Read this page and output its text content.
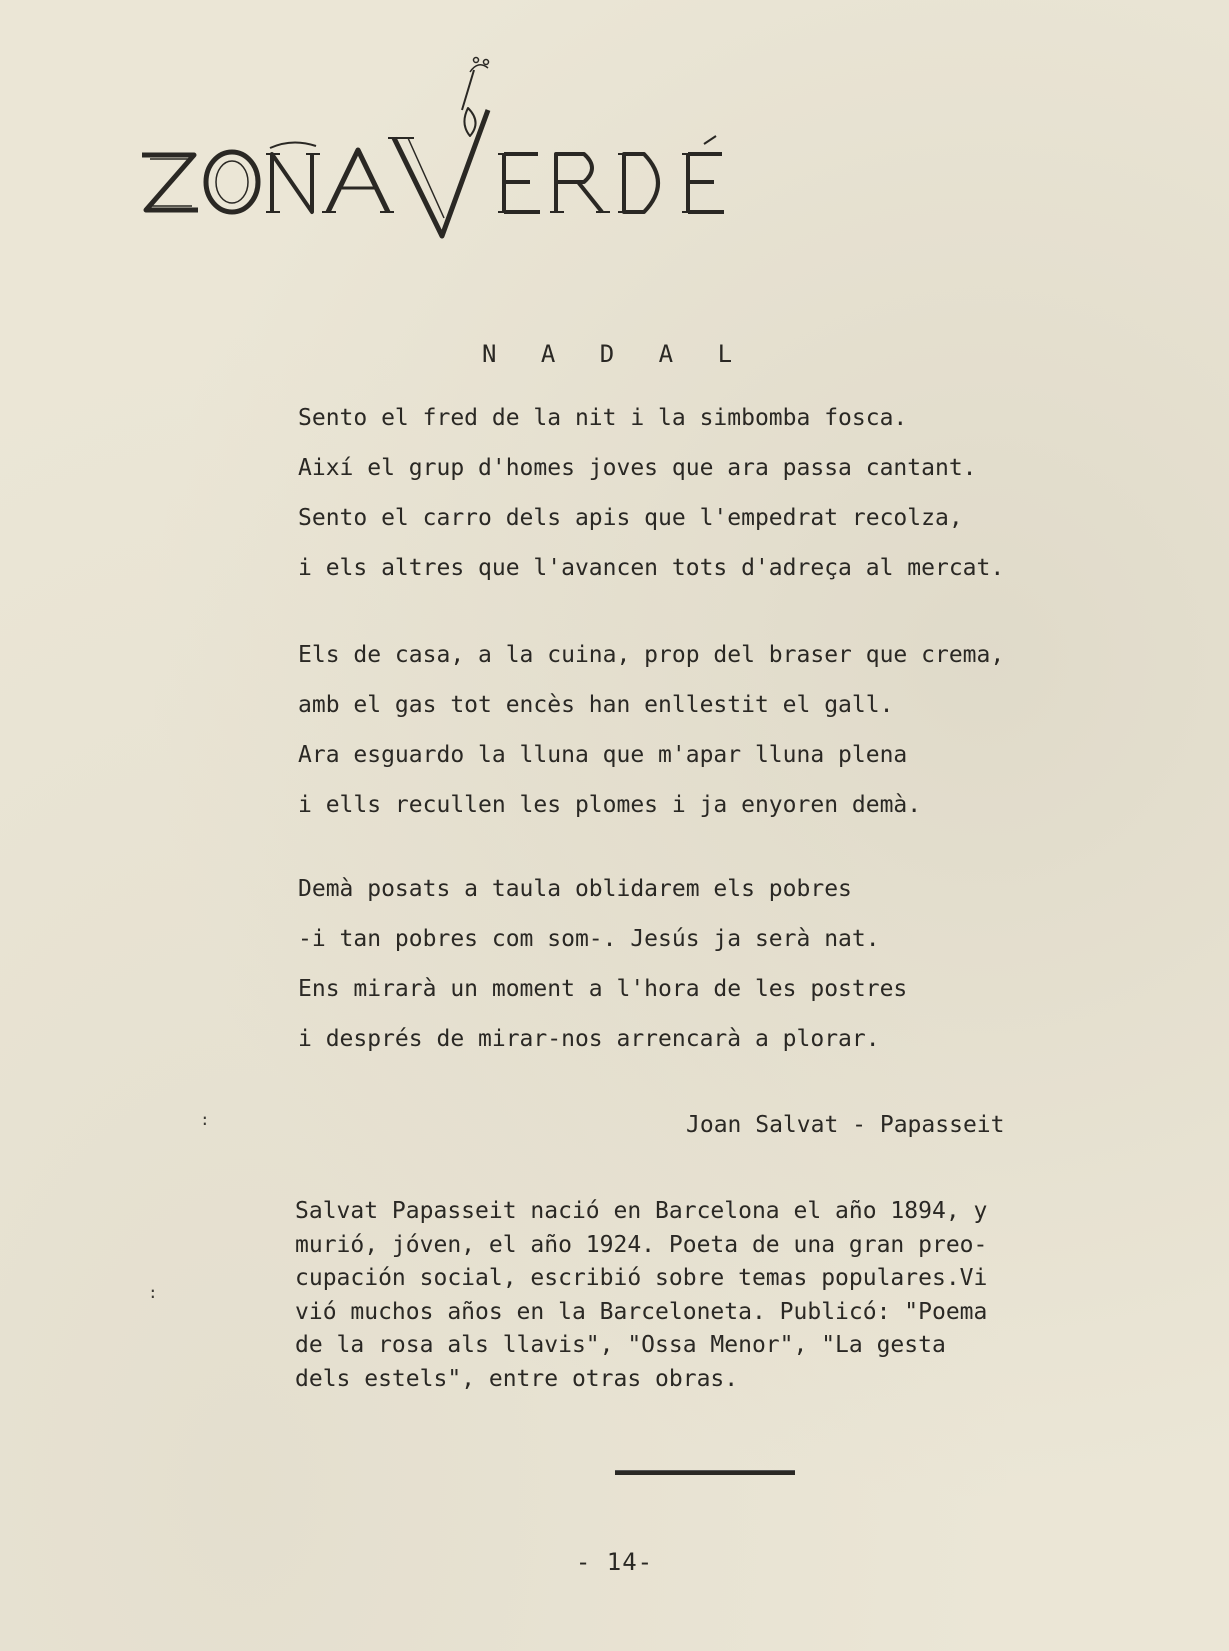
N A D A L
Sento el fred de la nit i la simbomba fosca.
Així el grup d'homes joves que ara passa cantant.
Sento el carro dels apis que l'empedrat recolza,
i els altres que l'avancen tots d'adreça al mercat.
Els de casa, a la cuina, prop del braser que crema,
amb el gas tot encès han enllestit el gall.
Ara esguardo la lluna que m'apar lluna plena
i ells recullen les plomes i ja enyoren demà.
Demà posats a taula oblidarem els pobres
-i tan pobres com som-. Jesús ja serà nat.
Ens mirarà un moment a l'hora de les postres
i després de mirar-nos arrencarà a plorar.
Joan Salvat - Papasseit
Salvat Papasseit nació en Barcelona el año 1894, y
murió, jóven, el año 1924. Poeta de una gran preo-
cupación social, escribió sobre temas populares.Vi
vió muchos años en la Barceloneta. Publicó: "Poema
de la rosa als llavis", "Ossa Menor", "La gesta
dels estels", entre otras obras.
- 14-
:
:
